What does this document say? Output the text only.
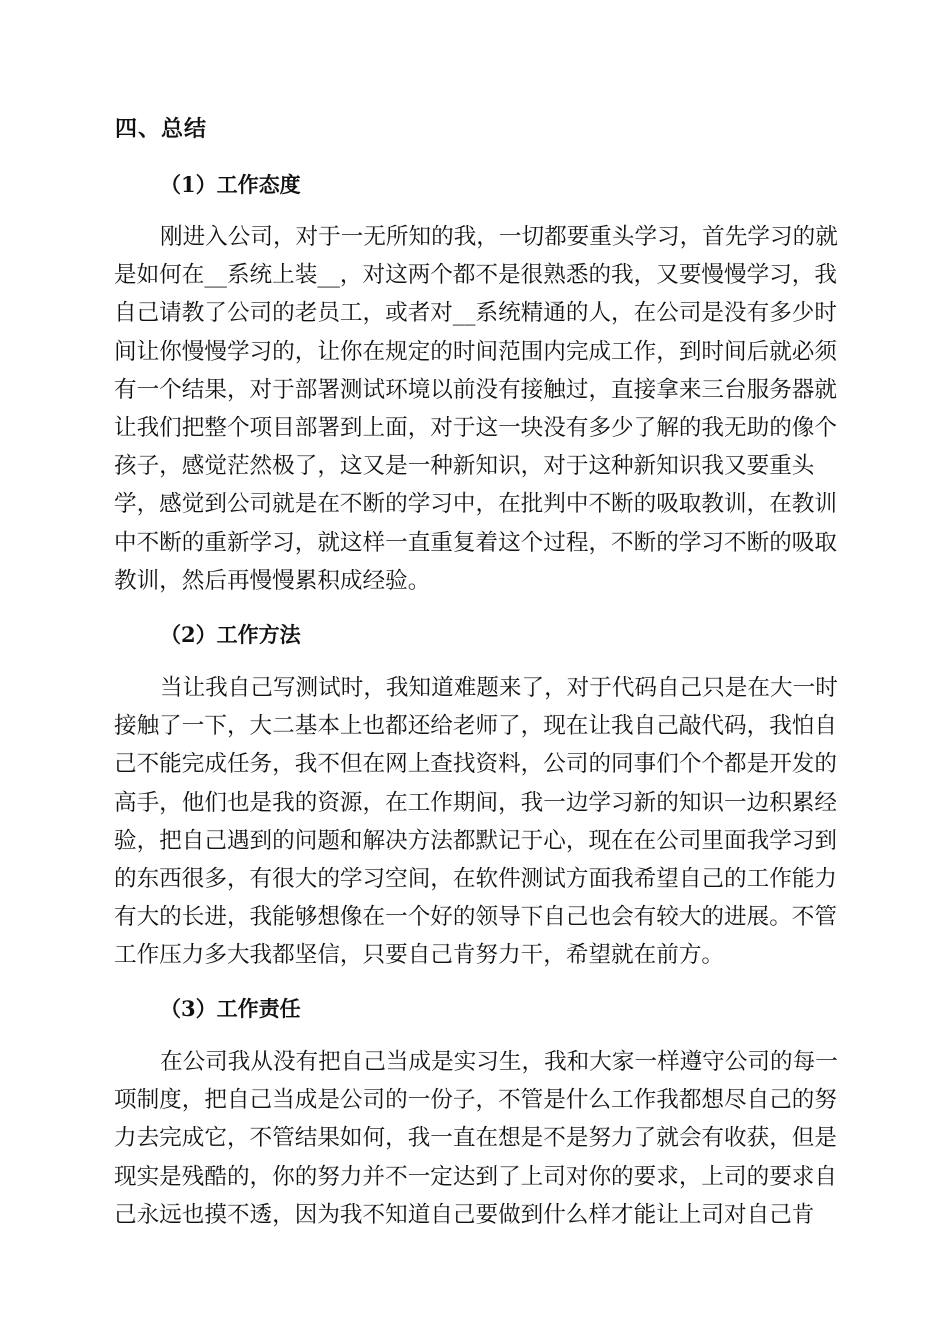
四、总结
（1）工作态度
刚进入公司，对于一无所知的我，一切都要重头学习，首先学习的就
是如何在__系统上装__，对这两个都不是很熟悉的我，又要慢慢学习，我
自己请教了公司的老员工，或者对__系统精通的人，在公司是没有多少时
间让你慢慢学习的，让你在规定的时间范围内完成工作，到时间后就必须
有一个结果，对于部署测试环境以前没有接触过，直接拿来三台服务器就
让我们把整个项目部署到上面，对于这一块没有多少了解的我无助的像个
孩子，感觉茫然极了，这又是一种新知识，对于这种新知识我又要重头
学，感觉到公司就是在不断的学习中，在批判中不断的吸取教训，在教训
中不断的重新学习，就这样一直重复着这个过程，不断的学习不断的吸取
教训，然后再慢慢累积成经验。
（2）工作方法
当让我自己写测试时，我知道难题来了，对于代码自己只是在大一时
接触了一下，大二基本上也都还给老师了，现在让我自己敲代码，我怕自
己不能完成任务，我不但在网上查找资料，公司的同事们个个都是开发的
高手，他们也是我的资源，在工作期间，我一边学习新的知识一边积累经
验，把自己遇到的问题和解决方法都默记于心，现在在公司里面我学习到
的东西很多，有很大的学习空间，在软件测试方面我希望自己的工作能力
有大的长进，我能够想像在一个好的领导下自己也会有较大的进展。不管
工作压力多大我都坚信，只要自己肯努力干，希望就在前方。
（3）工作责任
在公司我从没有把自己当成是实习生，我和大家一样遵守公司的每一
项制度，把自己当成是公司的一份子，不管是什么工作我都想尽自己的努
力去完成它，不管结果如何，我一直在想是不是努力了就会有收获，但是
现实是残酷的，你的努力并不一定达到了上司对你的要求，上司的要求自
己永远也摸不透，因为我不知道自己要做到什么样才能让上司对自己肯
